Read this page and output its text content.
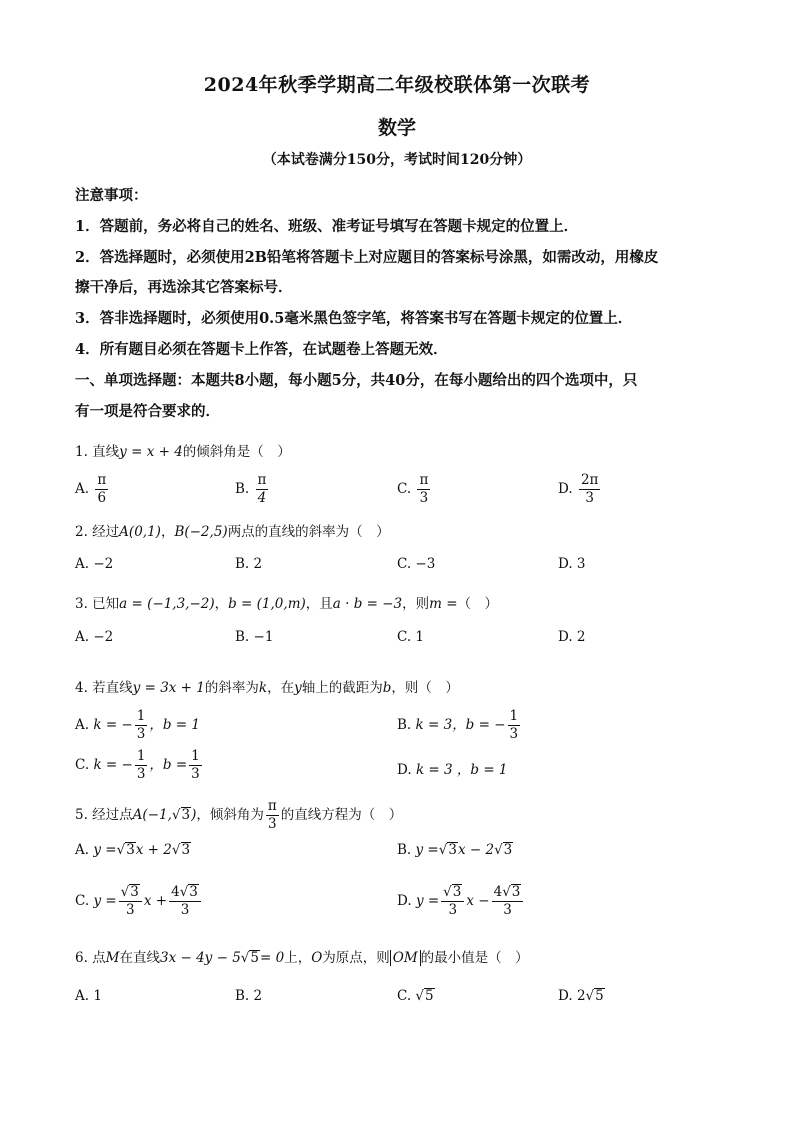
2024年秋季学期高二年级校联体第一次联考
数学
（本试卷满分150分，考试时间120分钟）
注意事项：
1．答题前，务必将自己的姓名、班级、准考证号填写在答题卡规定的位置上．
2．答选择题时，必须使用2B铅笔将答题卡上对应题目的答案标号涂黑，如需改动，用橡皮
擦干净后，再选涂其它答案标号．
3．答非选择题时，必须使用0.5毫米黑色签字笔，将答案书写在答题卡规定的位置上．
4．所有题目必须在答题卡上作答，在试题卷上答题无效．
一、单项选择题：本题共8小题，每小题5分，共40分，在每小题给出的四个选项中，只
有一项是符合要求的．
1. 直线y = x + 4的倾斜角是（　）
A. $\frac{\pi}{6}$	B. $\frac{\pi}{4}$	C. $\frac{\pi}{3}$	D. $\frac{2\pi}{3}$
2. 经过A(0,1)，B(−2,5)两点的直线的斜率为（　）
A. −2	B. 2	C. −3	D. 3
3. 已知a = (−1,3,−2)，b = (1,0,m)，且a · b = −3，则m =（　）
A. −2	B. −1	C. 1	D. 2
4. 若直线y = 3x + 1的斜率为k，在y轴上的截距为b，则（　）
A. k = − $\frac{1}{3}$ ，b = 1	B. k = 3，b = − $\frac{1}{3}$
C. k = − $\frac{1}{3}$ ，$b = \frac{1}{3}$	D. k = 3 ，b = 1
5. 经过点A(−1,√3)，倾斜角为 $\frac{\pi}{3}$ 的直线方程为（　）
A. y =√3x + 2√3	B. y =√3x − 2√3
C. $y = \frac{√3}{3}$ $x + \frac{4√3}{3}$	D. $y = \frac{√3}{3}$ $x - \frac{4√3}{3}$
6. 点M在直线3x − 4y − 5√5= 0上，O为原点，则 OM 的最小值是（　）
A. 1	B. 2	C. √5	D. 2√5
